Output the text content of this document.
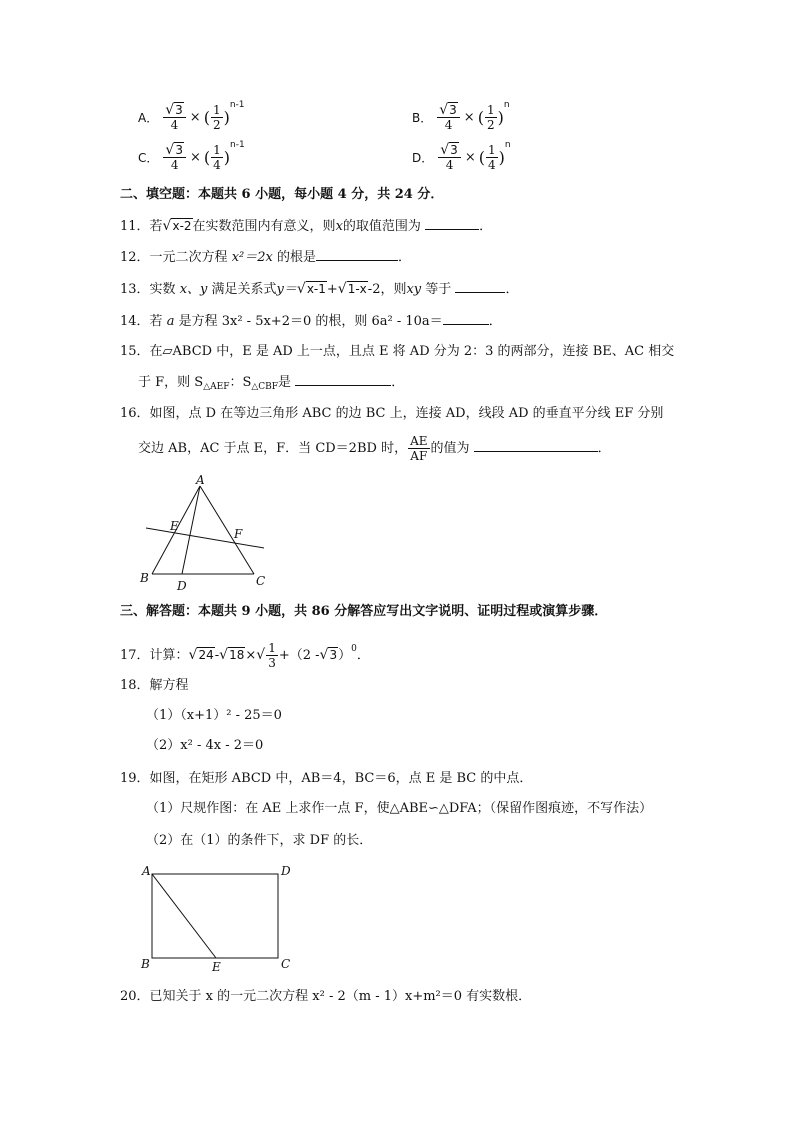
A． $\frac{√3}{4}$ × ( $\frac{1}{2} )n-1$
B． $\frac{√3}{4}$ × ( $\frac{1}{2} )n$
C． $\frac{√3}{4}$ × ( $\frac{1}{4} )n-1$
D． $\frac{√3}{4}$ × ( $\frac{1}{4} )n$
二、填空题：本题共 6 小题，每小题 4 分，共 24 分．
11．若√x-2在实数范围内有意义，则x的取值范围为	．
12．一元二次方程 x²＝2x 的根是	．
13．实数 x、y 满足关系式y＝√x-1+√1-x-2，则xy 等于	．
14．若 a 是方程 3x² - 5x+2＝0 的根，则 6a² - 10a＝	．
15．在▱ABCD 中，E 是 AD 上一点，且点 E 将 AD 分为 2：3 的两部分，连接 BE、AC 相交
于 F，则 $S_{\triangle AEF}$：$S_{\triangle CBF}$是	．
16．如图，点 D 在等边三角形 ABC 的边 BC 上，连接 AD，线段 AD 的垂直平分线 EF 分别
交边 AB，AC 于点 E，F．当 CD＝2BD 时， $\frac{AE}{AF}$ 的值为	．
A
B	C
D
E
F
三、解答题：本题共 9 小题，共 86 分解答应写出文字说明、证明过程或演算步骤．
17．计算：$√24-√18\times√ \frac{1}{3} +(2$ -√3）$^0$．
18．解方程
（1）（x+1）² - 25＝0
（2）x² - 4x - 2＝0
19．如图，在矩形 ABCD 中，AB＝4，BC＝6，点 E 是 BC 的中点．
（1）尺规作图：在 AE 上求作一点 F，使△ABE∽△DFA；（保留作图痕迹，不写作法）
（2）在（1）的条件下，求 DF 的长．
A	D
B	E	C
20．已知关于 x 的一元二次方程 x² - 2（m - 1）x+m²＝0 有实数根．
